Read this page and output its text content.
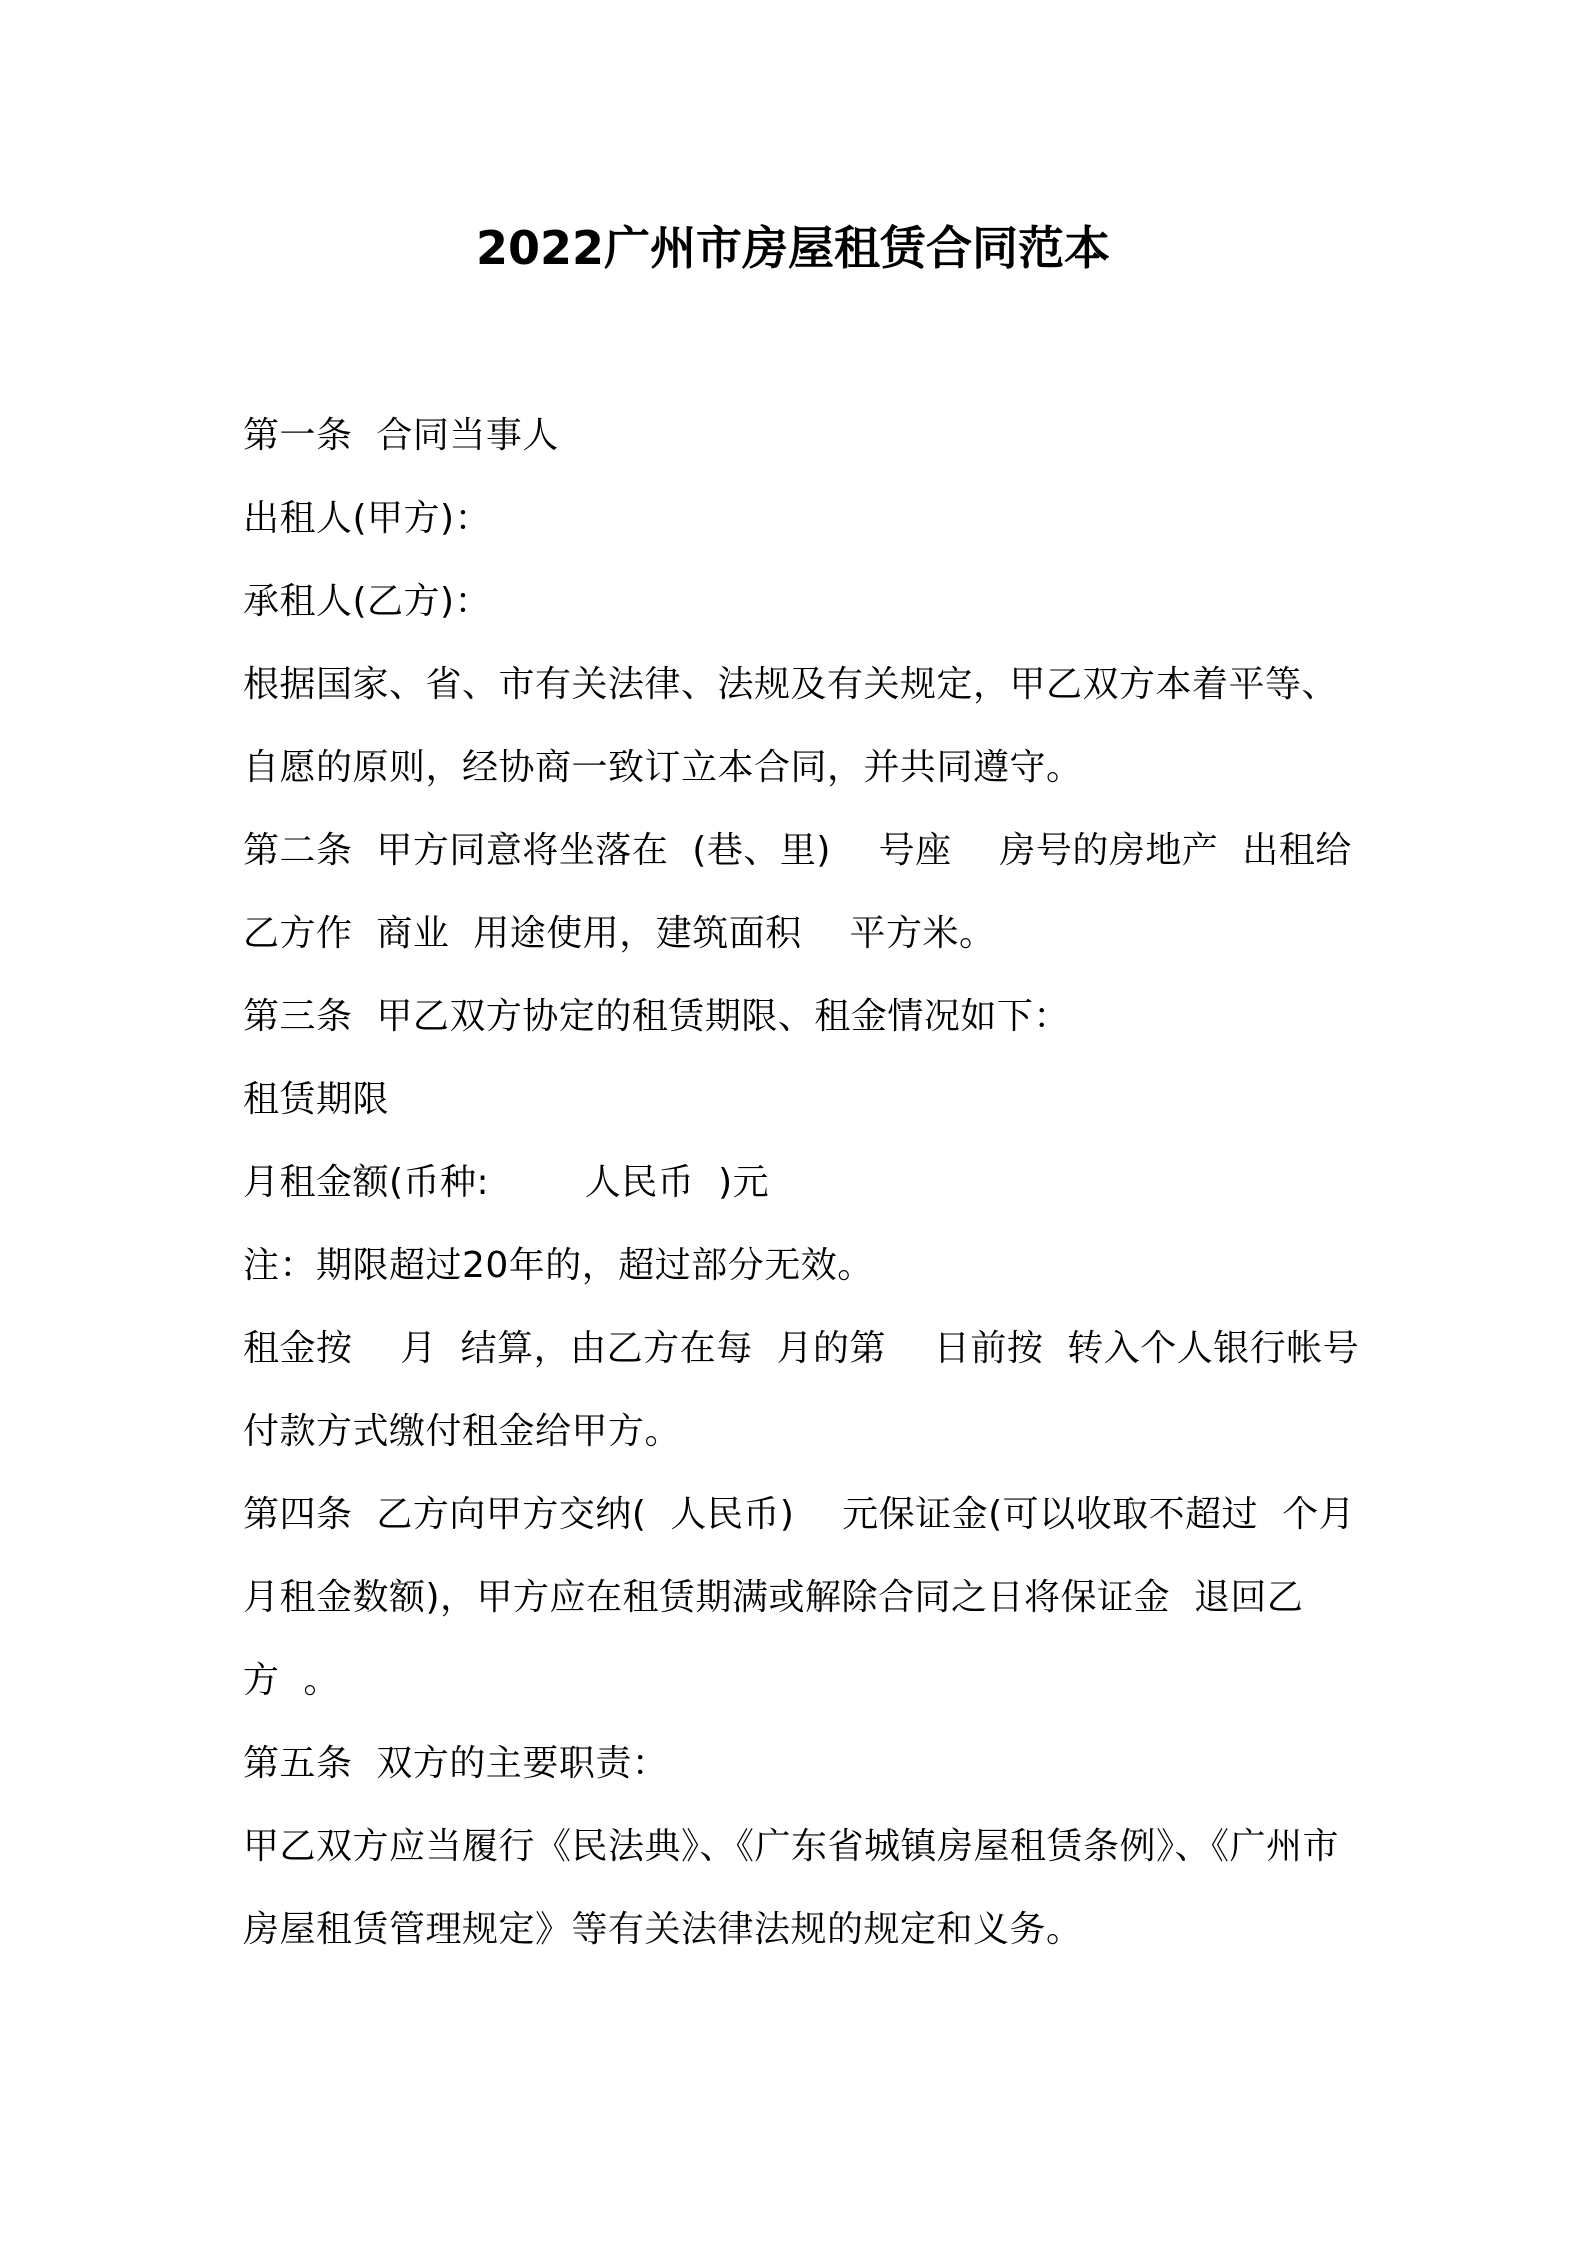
2022广州市房屋租赁合同范本
第一条  合同当事人
出租人(甲方)：
承租人(乙方)：
根据国家、省、市有关法律、法规及有关规定，甲乙双方本着平等、
自愿的原则，经协商一致订立本合同，并共同遵守。
第二条  甲方同意将坐落在  (巷、里)    号座    房号的房地产  出租给
乙方作  商业  用途使用，建筑面积    平方米。
第三条  甲乙双方协定的租赁期限、租金情况如下：
租赁期限
月租金额(币种:        人民币  )元
注：期限超过20年的，超过部分无效。
租金按    月  结算，由乙方在每  月的第    日前按  转入个人银行帐号
付款方式缴付租金给甲方。
第四条  乙方向甲方交纳(  人民币)    元保证金(可以收取不超过  个月
月租金数额)，甲方应在租赁期满或解除合同之日将保证金  退回乙
方  。
第五条  双方的主要职责：
甲乙双方应当履行《民法典》、《广东省城镇房屋租赁条例》、《广州市
房屋租赁管理规定》等有关法律法规的规定和义务。
